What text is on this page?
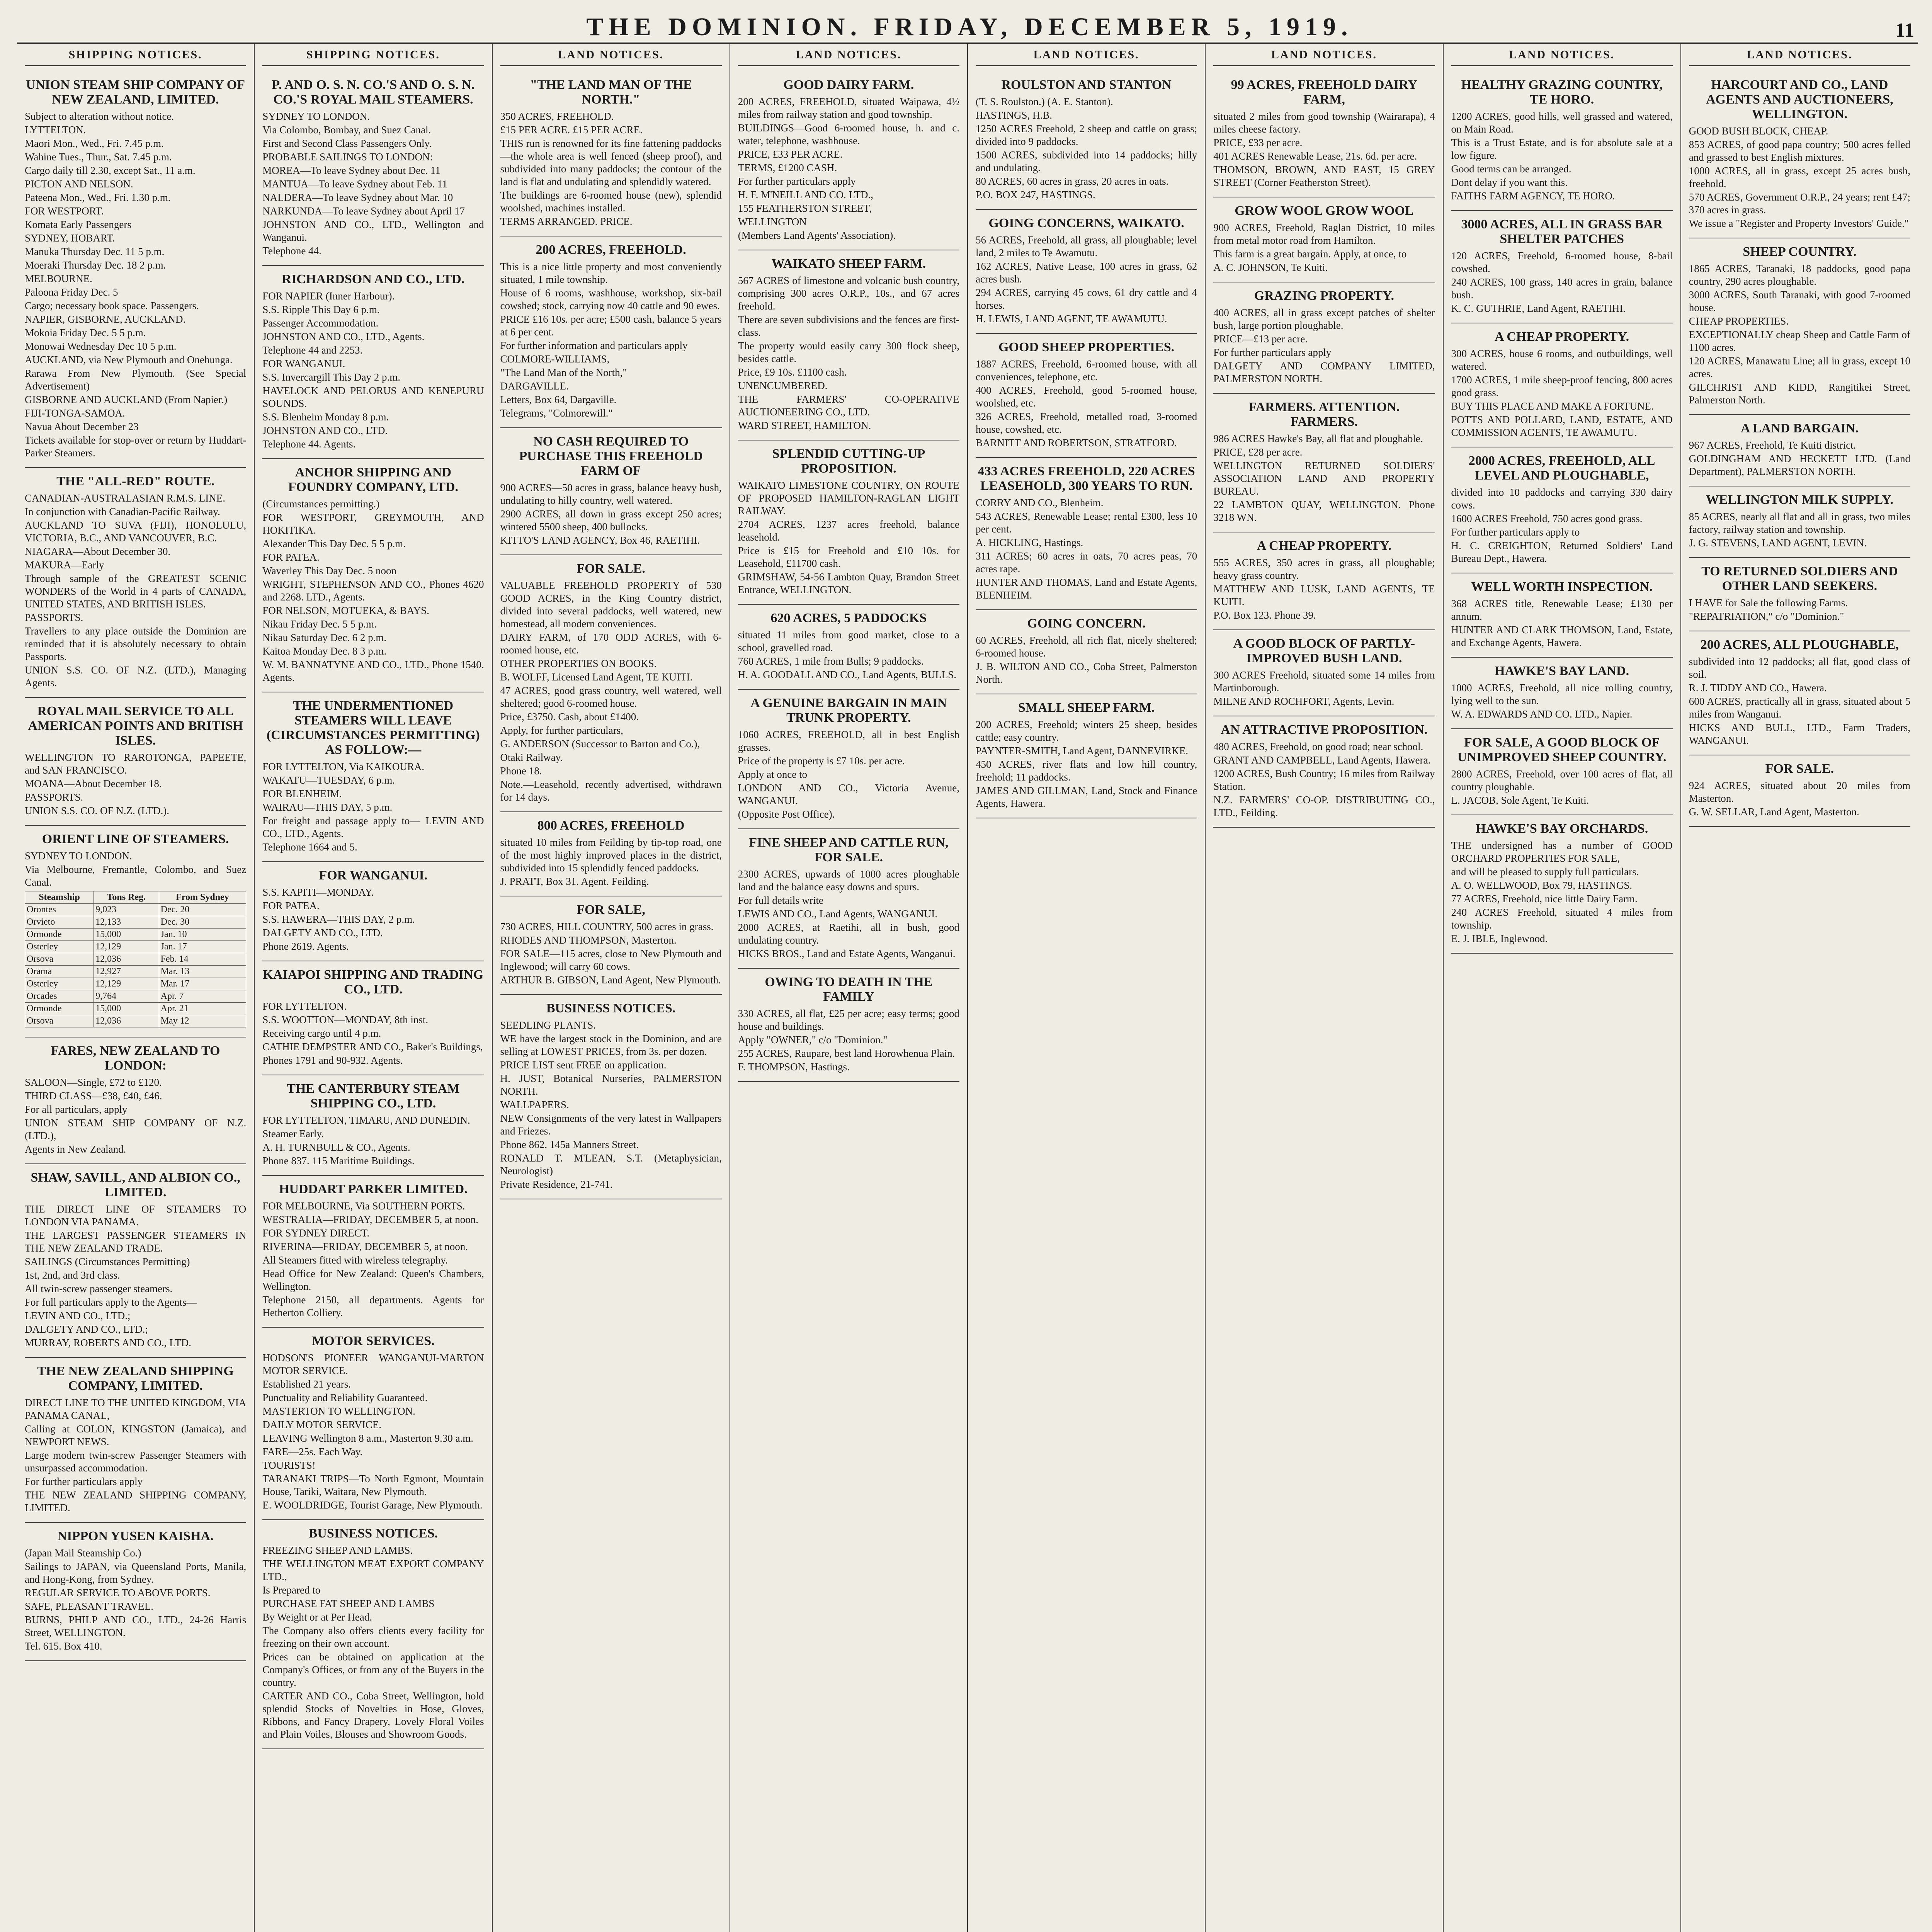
THE DOMINION. FRIDAY, DECEMBER 5, 1919.	11
SHIPPING NOTICES.
UNION STEAM SHIP COMPANY OF NEW ZEALAND, LIMITED.

Subject to alteration without notice.

LYTTELTON.

Maori Mon., Wed., Fri. 7.45 p.m.

Wahine Tues., Thur., Sat. 7.45 p.m.

Cargo daily till 2.30, except Sat., 11 a.m.

PICTON AND NELSON.

Pateena Mon., Wed., Fri. 1.30 p.m.

FOR WESTPORT.

Komata Early Passengers

SYDNEY, HOBART.

Manuka Thursday Dec. 11 5 p.m.

Moeraki Thursday Dec. 18 2 p.m.

MELBOURNE.

Paloona Friday Dec. 5

Cargo; necessary book space. Passengers.

NAPIER, GISBORNE, AUCKLAND.

Mokoia Friday Dec. 5 5 p.m.

Monowai Wednesday Dec 10 5 p.m.

AUCKLAND, via New Plymouth and Onehunga.

Rarawa From New Plymouth. (See Special Advertisement)

GISBORNE AND AUCKLAND (From Napier.)

FIJI-TONGA-SAMOA.

Navua About December 23

Tickets available for stop-over or return by Huddart-Parker Steamers.

THE "ALL-RED" ROUTE.

CANADIAN-AUSTRALASIAN R.M.S. LINE.

In conjunction with Canadian-Pacific Railway.

AUCKLAND TO SUVA (FIJI), HONOLULU, VICTORIA, B.C., AND VANCOUVER, B.C.

NIAGARA—About December 30.

MAKURA—Early

Through sample of the GREATEST SCENIC WONDERS of the World in 4 parts of CANADA, UNITED STATES, AND BRITISH ISLES.

PASSPORTS.

Travellers to any place outside the Dominion are reminded that it is absolutely necessary to obtain Passports.

UNION S.S. CO. OF N.Z. (LTD.), Managing Agents.

ROYAL MAIL SERVICE TO ALL AMERICAN POINTS AND BRITISH ISLES.

WELLINGTON TO RAROTONGA, PAPEETE, and SAN FRANCISCO.

MOANA—About December 18.

PASSPORTS.

UNION S.S. CO. OF N.Z. (LTD.).

ORIENT LINE OF STEAMERS.

SYDNEY TO LONDON.

Via Melbourne, Fremantle, Colombo, and Suez Canal.

Steamship	Tons Reg.	From Sydney
Orontes	9,023	Dec. 20
Orvieto	12,133	Dec. 30
Ormonde	15,000	Jan. 10
Osterley	12,129	Jan. 17
Orsova	12,036	Feb. 14
Orama	12,927	Mar. 13
Osterley	12,129	Mar. 17
Orcades	9,764	Apr. 7
Ormonde	15,000	Apr. 21
Orsova	12,036	May 12
FARES, NEW ZEALAND TO LONDON:

SALOON—Single, £72 to £120.

THIRD CLASS—£38, £40, £46.

For all particulars, apply

UNION STEAM SHIP COMPANY OF N.Z. (LTD.),

Agents in New Zealand.

SHAW, SAVILL, AND ALBION CO., LIMITED.

THE DIRECT LINE OF STEAMERS TO LONDON VIA PANAMA.

THE LARGEST PASSENGER STEAMERS IN THE NEW ZEALAND TRADE.

SAILINGS (Circumstances Permitting)

1st, 2nd, and 3rd class.

All twin-screw passenger steamers.

For full particulars apply to the Agents—

LEVIN AND CO., LTD.;

DALGETY AND CO., LTD.;

MURRAY, ROBERTS AND CO., LTD.

THE NEW ZEALAND SHIPPING COMPANY, LIMITED.

DIRECT LINE TO THE UNITED KINGDOM, VIA PANAMA CANAL,

Calling at COLON, KINGSTON (Jamaica), and NEWPORT NEWS.

Large modern twin-screw Passenger Steamers with unsurpassed accommodation.

For further particulars apply

THE NEW ZEALAND SHIPPING COMPANY, LIMITED.

NIPPON YUSEN KAISHA.

(Japan Mail Steamship Co.)

Sailings to JAPAN, via Queensland Ports, Manila, and Hong-Kong, from Sydney.

REGULAR SERVICE TO ABOVE PORTS.

SAFE, PLEASANT TRAVEL.

BURNS, PHILP AND CO., LTD., 24-26 Harris Street, WELLINGTON.

Tel. 615. Box 410.

SHIPPING NOTICES.
P. AND O. S. N. CO.'S AND O. S. N. CO.'S ROYAL MAIL STEAMERS.

SYDNEY TO LONDON.

Via Colombo, Bombay, and Suez Canal.

First and Second Class Passengers Only.

PROBABLE SAILINGS TO LONDON:

MOREA—To leave Sydney about Dec. 11

MANTUA—To leave Sydney about Feb. 11

NALDERA—To leave Sydney about Mar. 10

NARKUNDA—To leave Sydney about April 17

JOHNSTON AND CO., LTD., Wellington and Wanganui.

Telephone 44.

RICHARDSON AND CO., LTD.

FOR NAPIER (Inner Harbour).

S.S. Ripple This Day 6 p.m.

Passenger Accommodation.

JOHNSTON AND CO., LTD., Agents.

Telephone 44 and 2253.

FOR WANGANUI.

S.S. Invercargill This Day 2 p.m.

HAVELOCK AND PELORUS AND KENEPURU SOUNDS.

S.S. Blenheim Monday 8 p.m.

JOHNSTON AND CO., LTD.

Telephone 44. Agents.

ANCHOR SHIPPING AND FOUNDRY COMPANY, LTD.

(Circumstances permitting.)

FOR WESTPORT, GREYMOUTH, AND HOKITIKA.

Alexander This Day Dec. 5 5 p.m.

FOR PATEA.

Waverley This Day Dec. 5 noon

WRIGHT, STEPHENSON AND CO., Phones 4620 and 2268. LTD., Agents.

FOR NELSON, MOTUEKA, & BAYS.

Nikau Friday Dec. 5 5 p.m.

Nikau Saturday Dec. 6 2 p.m.

Kaitoa Monday Dec. 8 3 p.m.

W. M. BANNATYNE AND CO., LTD., Phone 1540. Agents.

THE UNDERMENTIONED STEAMERS WILL LEAVE (CIRCUMSTANCES PERMITTING) AS FOLLOW:—

FOR LYTTELTON, Via KAIKOURA.

WAKATU—TUESDAY, 6 p.m.

FOR BLENHEIM.

WAIRAU—THIS DAY, 5 p.m.

For freight and passage apply to— LEVIN AND CO., LTD., Agents.

Telephone 1664 and 5.

FOR WANGANUI.

S.S. KAPITI—MONDAY.

FOR PATEA.

S.S. HAWERA—THIS DAY, 2 p.m.

DALGETY AND CO., LTD.

Phone 2619. Agents.

KAIAPOI SHIPPING AND TRADING CO., LTD.

FOR LYTTELTON.

S.S. WOOTTON—MONDAY, 8th inst.

Receiving cargo until 4 p.m.

CATHIE DEMPSTER AND CO., Baker's Buildings,

Phones 1791 and 90-932. Agents.

THE CANTERBURY STEAM SHIPPING CO., LTD.

FOR LYTTELTON, TIMARU, AND DUNEDIN.

Steamer Early.

A. H. TURNBULL & CO., Agents.

Phone 837. 115 Maritime Buildings.

HUDDART PARKER LIMITED.

FOR MELBOURNE, Via SOUTHERN PORTS.

WESTRALIA—FRIDAY, DECEMBER 5, at noon.

FOR SYDNEY DIRECT.

RIVERINA—FRIDAY, DECEMBER 5, at noon.

All Steamers fitted with wireless telegraphy.

Head Office for New Zealand: Queen's Chambers, Wellington.

Telephone 2150, all departments. Agents for Hetherton Colliery.

MOTOR SERVICES.

HODSON'S PIONEER WANGANUI-MARTON MOTOR SERVICE.

Established 21 years.

Punctuality and Reliability Guaranteed.

MASTERTON TO WELLINGTON.

DAILY MOTOR SERVICE.

LEAVING Wellington 8 a.m., Masterton 9.30 a.m.

FARE—25s. Each Way.

TOURISTS!

TARANAKI TRIPS—To North Egmont, Mountain House, Tariki, Waitara, New Plymouth.

E. WOOLDRIDGE, Tourist Garage, New Plymouth.

BUSINESS NOTICES.

FREEZING SHEEP AND LAMBS.

THE WELLINGTON MEAT EXPORT COMPANY LTD.,

Is Prepared to

PURCHASE FAT SHEEP AND LAMBS

By Weight or at Per Head.

The Company also offers clients every facility for freezing on their own account.

Prices can be obtained on application at the Company's Offices, or from any of the Buyers in the country.

CARTER AND CO., Coba Street, Wellington, hold splendid Stocks of Novelties in Hose, Gloves, Ribbons, and Fancy Drapery, Lovely Floral Voiles and Plain Voiles, Blouses and Showroom Goods.

LAND NOTICES.
"THE LAND MAN OF THE NORTH."

350 ACRES, FREEHOLD.

£15 PER ACRE. £15 PER ACRE.

THIS run is renowned for its fine fattening paddocks—the whole area is well fenced (sheep proof), and subdivided into many paddocks; the contour of the land is flat and undulating and splendidly watered.

The buildings are 6-roomed house (new), splendid woolshed, machines installed.

TERMS ARRANGED. PRICE.

200 ACRES, FREEHOLD.

This is a nice little property and most conveniently situated, 1 mile township.

House of 6 rooms, washhouse, workshop, six-bail cowshed; stock, carrying now 40 cattle and 90 ewes.

PRICE £16 10s. per acre; £500 cash, balance 5 years at 6 per cent.

For further information and particulars apply

COLMORE-WILLIAMS,

"The Land Man of the North,"

DARGAVILLE.

Letters, Box 64, Dargaville.

Telegrams, "Colmorewill."

NO CASH REQUIRED TO PURCHASE THIS FREEHOLD FARM OF

900 ACRES—50 acres in grass, balance heavy bush, undulating to hilly country, well watered.

2900 ACRES, all down in grass except 250 acres; wintered 5500 sheep, 400 bullocks.

KITTO'S LAND AGENCY, Box 46, RAETIHI.

FOR SALE.

VALUABLE FREEHOLD PROPERTY of 530 GOOD ACRES, in the King Country district, divided into several paddocks, well watered, new homestead, all modern conveniences.

DAIRY FARM, of 170 ODD ACRES, with 6-roomed house, etc.

OTHER PROPERTIES ON BOOKS.

B. WOLFF, Licensed Land Agent, TE KUITI.

47 ACRES, good grass country, well watered, well sheltered; good 6-roomed house.

Price, £3750. Cash, about £1400.

Apply, for further particulars,

G. ANDERSON (Successor to Barton and Co.),

Otaki Railway.

Phone 18.

Note.—Leasehold, recently advertised, withdrawn for 14 days.

800 ACRES, FREEHOLD

situated 10 miles from Feilding by tip-top road, one of the most highly improved places in the district, subdivided into 15 splendidly fenced paddocks.

J. PRATT, Box 31. Agent. Feilding.

FOR SALE,

730 ACRES, HILL COUNTRY, 500 acres in grass.

RHODES AND THOMPSON, Masterton.

FOR SALE—115 acres, close to New Plymouth and Inglewood; will carry 60 cows.

ARTHUR B. GIBSON, Land Agent, New Plymouth.

BUSINESS NOTICES.

SEEDLING PLANTS.

WE have the largest stock in the Dominion, and are selling at LOWEST PRICES, from 3s. per dozen.

PRICE LIST sent FREE on application.

H. JUST, Botanical Nurseries, PALMERSTON NORTH.

WALLPAPERS.

NEW Consignments of the very latest in Wallpapers and Friezes.

Phone 862. 145a Manners Street.

RONALD T. M'LEAN, S.T. (Metaphysician, Neurologist)

Private Residence, 21-741.

LAND NOTICES.
GOOD DAIRY FARM.

200 ACRES, FREEHOLD, situated Waipawa, 4½ miles from railway station and good township.

BUILDINGS—Good 6-roomed house, h. and c. water, telephone, washhouse.

PRICE, £33 PER ACRE.

TERMS, £1200 CASH.

For further particulars apply

H. F. M'NEILL AND CO. LTD.,

155 FEATHERSTON STREET,

WELLINGTON

(Members Land Agents' Association).

WAIKATO SHEEP FARM.

567 ACRES of limestone and volcanic bush country, comprising 300 acres O.R.P., 10s., and 67 acres freehold.

There are seven subdivisions and the fences are first-class.

The property would easily carry 300 flock sheep, besides cattle.

Price, £9 10s. £1100 cash.

UNENCUMBERED.

THE FARMERS' CO-OPERATIVE AUCTIONEERING CO., LTD.

WARD STREET, HAMILTON.

SPLENDID CUTTING-UP PROPOSITION.

WAIKATO LIMESTONE COUNTRY, ON ROUTE OF PROPOSED HAMILTON-RAGLAN LIGHT RAILWAY.

2704 ACRES, 1237 acres freehold, balance leasehold.

Price is £15 for Freehold and £10 10s. for Leasehold, £11700 cash.

GRIMSHAW, 54-56 Lambton Quay, Brandon Street Entrance, WELLINGTON.

620 ACRES, 5 PADDOCKS

situated 11 miles from good market, close to a school, gravelled road.

760 ACRES, 1 mile from Bulls; 9 paddocks.

H. A. GOODALL AND CO., Land Agents, BULLS.

A GENUINE BARGAIN IN MAIN TRUNK PROPERTY.

1060 ACRES, FREEHOLD, all in best English grasses.

Price of the property is £7 10s. per acre.

Apply at once to

LONDON AND CO., Victoria Avenue, WANGANUI.

(Opposite Post Office).

FINE SHEEP AND CATTLE RUN, FOR SALE.

2300 ACRES, upwards of 1000 acres ploughable land and the balance easy downs and spurs.

For full details write

LEWIS AND CO., Land Agents, WANGANUI.

2000 ACRES, at Raetihi, all in bush, good undulating country.

HICKS BROS., Land and Estate Agents, Wanganui.

OWING TO DEATH IN THE FAMILY

330 ACRES, all flat, £25 per acre; easy terms; good house and buildings.

Apply "OWNER," c/o "Dominion."

255 ACRES, Raupare, best land Horowhenua Plain.

F. THOMPSON, Hastings.

LAND NOTICES.
ROULSTON AND STANTON

(T. S. Roulston.) (A. E. Stanton).

HASTINGS, H.B.

1250 ACRES Freehold, 2 sheep and cattle on grass; divided into 9 paddocks.

1500 ACRES, subdivided into 14 paddocks; hilly and undulating.

80 ACRES, 60 acres in grass, 20 acres in oats.

P.O. BOX 247, HASTINGS.

GOING CONCERNS, WAIKATO.

56 ACRES, Freehold, all grass, all ploughable; level land, 2 miles to Te Awamutu.

162 ACRES, Native Lease, 100 acres in grass, 62 acres bush.

294 ACRES, carrying 45 cows, 61 dry cattle and 4 horses.

H. LEWIS, LAND AGENT, TE AWAMUTU.

GOOD SHEEP PROPERTIES.

1887 ACRES, Freehold, 6-roomed house, with all conveniences, telephone, etc.

400 ACRES, Freehold, good 5-roomed house, woolshed, etc.

326 ACRES, Freehold, metalled road, 3-roomed house, cowshed, etc.

BARNITT AND ROBERTSON, STRATFORD.

433 ACRES FREEHOLD, 220 ACRES LEASEHOLD, 300 YEARS TO RUN.

CORRY AND CO., Blenheim.

543 ACRES, Renewable Lease; rental £300, less 10 per cent.

A. HICKLING, Hastings.

311 ACRES; 60 acres in oats, 70 acres peas, 70 acres rape.

HUNTER AND THOMAS, Land and Estate Agents, BLENHEIM.

GOING CONCERN.

60 ACRES, Freehold, all rich flat, nicely sheltered; 6-roomed house.

J. B. WILTON AND CO., Coba Street, Palmerston North.

SMALL SHEEP FARM.

200 ACRES, Freehold; winters 25 sheep, besides cattle; easy country.

PAYNTER-SMITH, Land Agent, DANNEVIRKE.

450 ACRES, river flats and low hill country, freehold; 11 paddocks.

JAMES AND GILLMAN, Land, Stock and Finance Agents, Hawera.

LAND NOTICES.
99 ACRES, FREEHOLD DAIRY FARM,

situated 2 miles from good township (Wairarapa), 4 miles cheese factory.

PRICE, £33 per acre.

401 ACRES Renewable Lease, 21s. 6d. per acre.

THOMSON, BROWN, AND EAST, 15 GREY STREET (Corner Featherston Street).

GROW WOOL GROW WOOL

900 ACRES, Freehold, Raglan District, 10 miles from metal motor road from Hamilton.

This farm is a great bargain. Apply, at once, to

A. C. JOHNSON, Te Kuiti.

GRAZING PROPERTY.

400 ACRES, all in grass except patches of shelter bush, large portion ploughable.

PRICE—£13 per acre.

For further particulars apply

DALGETY AND COMPANY LIMITED, PALMERSTON NORTH.

FARMERS. ATTENTION. FARMERS.

986 ACRES Hawke's Bay, all flat and ploughable.

PRICE, £28 per acre.

WELLINGTON RETURNED SOLDIERS' ASSOCIATION LAND AND PROPERTY BUREAU.

22 LAMBTON QUAY, WELLINGTON. Phone 3218 WN.

A CHEAP PROPERTY.

555 ACRES, 350 acres in grass, all ploughable; heavy grass country.

MATTHEW AND LUSK, LAND AGENTS, TE KUITI.

P.O. Box 123. Phone 39.

A GOOD BLOCK OF PARTLY-IMPROVED BUSH LAND.

300 ACRES Freehold, situated some 14 miles from Martinborough.

MILNE AND ROCHFORT, Agents, Levin.

AN ATTRACTIVE PROPOSITION.

480 ACRES, Freehold, on good road; near school.

GRANT AND CAMPBELL, Land Agents, Hawera.

1200 ACRES, Bush Country; 16 miles from Railway Station.

N.Z. FARMERS' CO-OP. DISTRIBUTING CO., LTD., Feilding.

LAND NOTICES.
HEALTHY GRAZING COUNTRY, TE HORO.

1200 ACRES, good hills, well grassed and watered, on Main Road.

This is a Trust Estate, and is for absolute sale at a low figure.

Good terms can be arranged.

Dont delay if you want this.

FAITHS FARM AGENCY, TE HORO.

3000 ACRES, ALL IN GRASS BAR SHELTER PATCHES

120 ACRES, Freehold, 6-roomed house, 8-bail cowshed.

240 ACRES, 100 grass, 140 acres in grain, balance bush.

K. C. GUTHRIE, Land Agent, RAETIHI.

A CHEAP PROPERTY.

300 ACRES, house 6 rooms, and outbuildings, well watered.

1700 ACRES, 1 mile sheep-proof fencing, 800 acres good grass.

BUY THIS PLACE AND MAKE A FORTUNE.

POTTS AND POLLARD, LAND, ESTATE, AND COMMISSION AGENTS, TE AWAMUTU.

2000 ACRES, FREEHOLD, ALL LEVEL AND PLOUGHABLE,

divided into 10 paddocks and carrying 330 dairy cows.

1600 ACRES Freehold, 750 acres good grass.

For further particulars apply to

H. C. CREIGHTON, Returned Soldiers' Land Bureau Dept., Hawera.

WELL WORTH INSPECTION.

368 ACRES title, Renewable Lease; £130 per annum.

HUNTER AND CLARK THOMSON, Land, Estate, and Exchange Agents, Hawera.

HAWKE'S BAY LAND.

1000 ACRES, Freehold, all nice rolling country, lying well to the sun.

W. A. EDWARDS AND CO. LTD., Napier.

FOR SALE, A GOOD BLOCK OF UNIMPROVED SHEEP COUNTRY.

2800 ACRES, Freehold, over 100 acres of flat, all country ploughable.

L. JACOB, Sole Agent, Te Kuiti.

HAWKE'S BAY ORCHARDS.

THE undersigned has a number of GOOD ORCHARD PROPERTIES FOR SALE,

and will be pleased to supply full particulars.

A. O. WELLWOOD, Box 79, HASTINGS.

77 ACRES, Freehold, nice little Dairy Farm.

240 ACRES Freehold, situated 4 miles from township.

E. J. IBLE, Inglewood.

LAND NOTICES.
HARCOURT AND CO., LAND AGENTS AND AUCTIONEERS, WELLINGTON.

GOOD BUSH BLOCK, CHEAP.

853 ACRES, of good papa country; 500 acres felled and grassed to best English mixtures.

1000 ACRES, all in grass, except 25 acres bush, freehold.

570 ACRES, Government O.R.P., 24 years; rent £47; 370 acres in grass.

We issue a "Register and Property Investors' Guide."

SHEEP COUNTRY.

1865 ACRES, Taranaki, 18 paddocks, good papa country, 290 acres ploughable.

3000 ACRES, South Taranaki, with good 7-roomed house.

CHEAP PROPERTIES.

EXCEPTIONALLY cheap Sheep and Cattle Farm of 1100 acres.

120 ACRES, Manawatu Line; all in grass, except 10 acres.

GILCHRIST AND KIDD, Rangitikei Street, Palmerston North.

A LAND BARGAIN.

967 ACRES, Freehold, Te Kuiti district.

GOLDINGHAM AND HECKETT LTD. (Land Department), PALMERSTON NORTH.

WELLINGTON MILK SUPPLY.

85 ACRES, nearly all flat and all in grass, two miles factory, railway station and township.

J. G. STEVENS, LAND AGENT, LEVIN.

TO RETURNED SOLDIERS AND OTHER LAND SEEKERS.

I HAVE for Sale the following Farms.

"REPATRIATION," c/o "Dominion."

200 ACRES, ALL PLOUGHABLE,

subdivided into 12 paddocks; all flat, good class of soil.

R. J. TIDDY AND CO., Hawera.

600 ACRES, practically all in grass, situated about 5 miles from Wanganui.

HICKS AND BULL, LTD., Farm Traders, WANGANUI.

FOR SALE.

924 ACRES, situated about 20 miles from Masterton.

G. W. SELLAR, Land Agent, Masterton.
